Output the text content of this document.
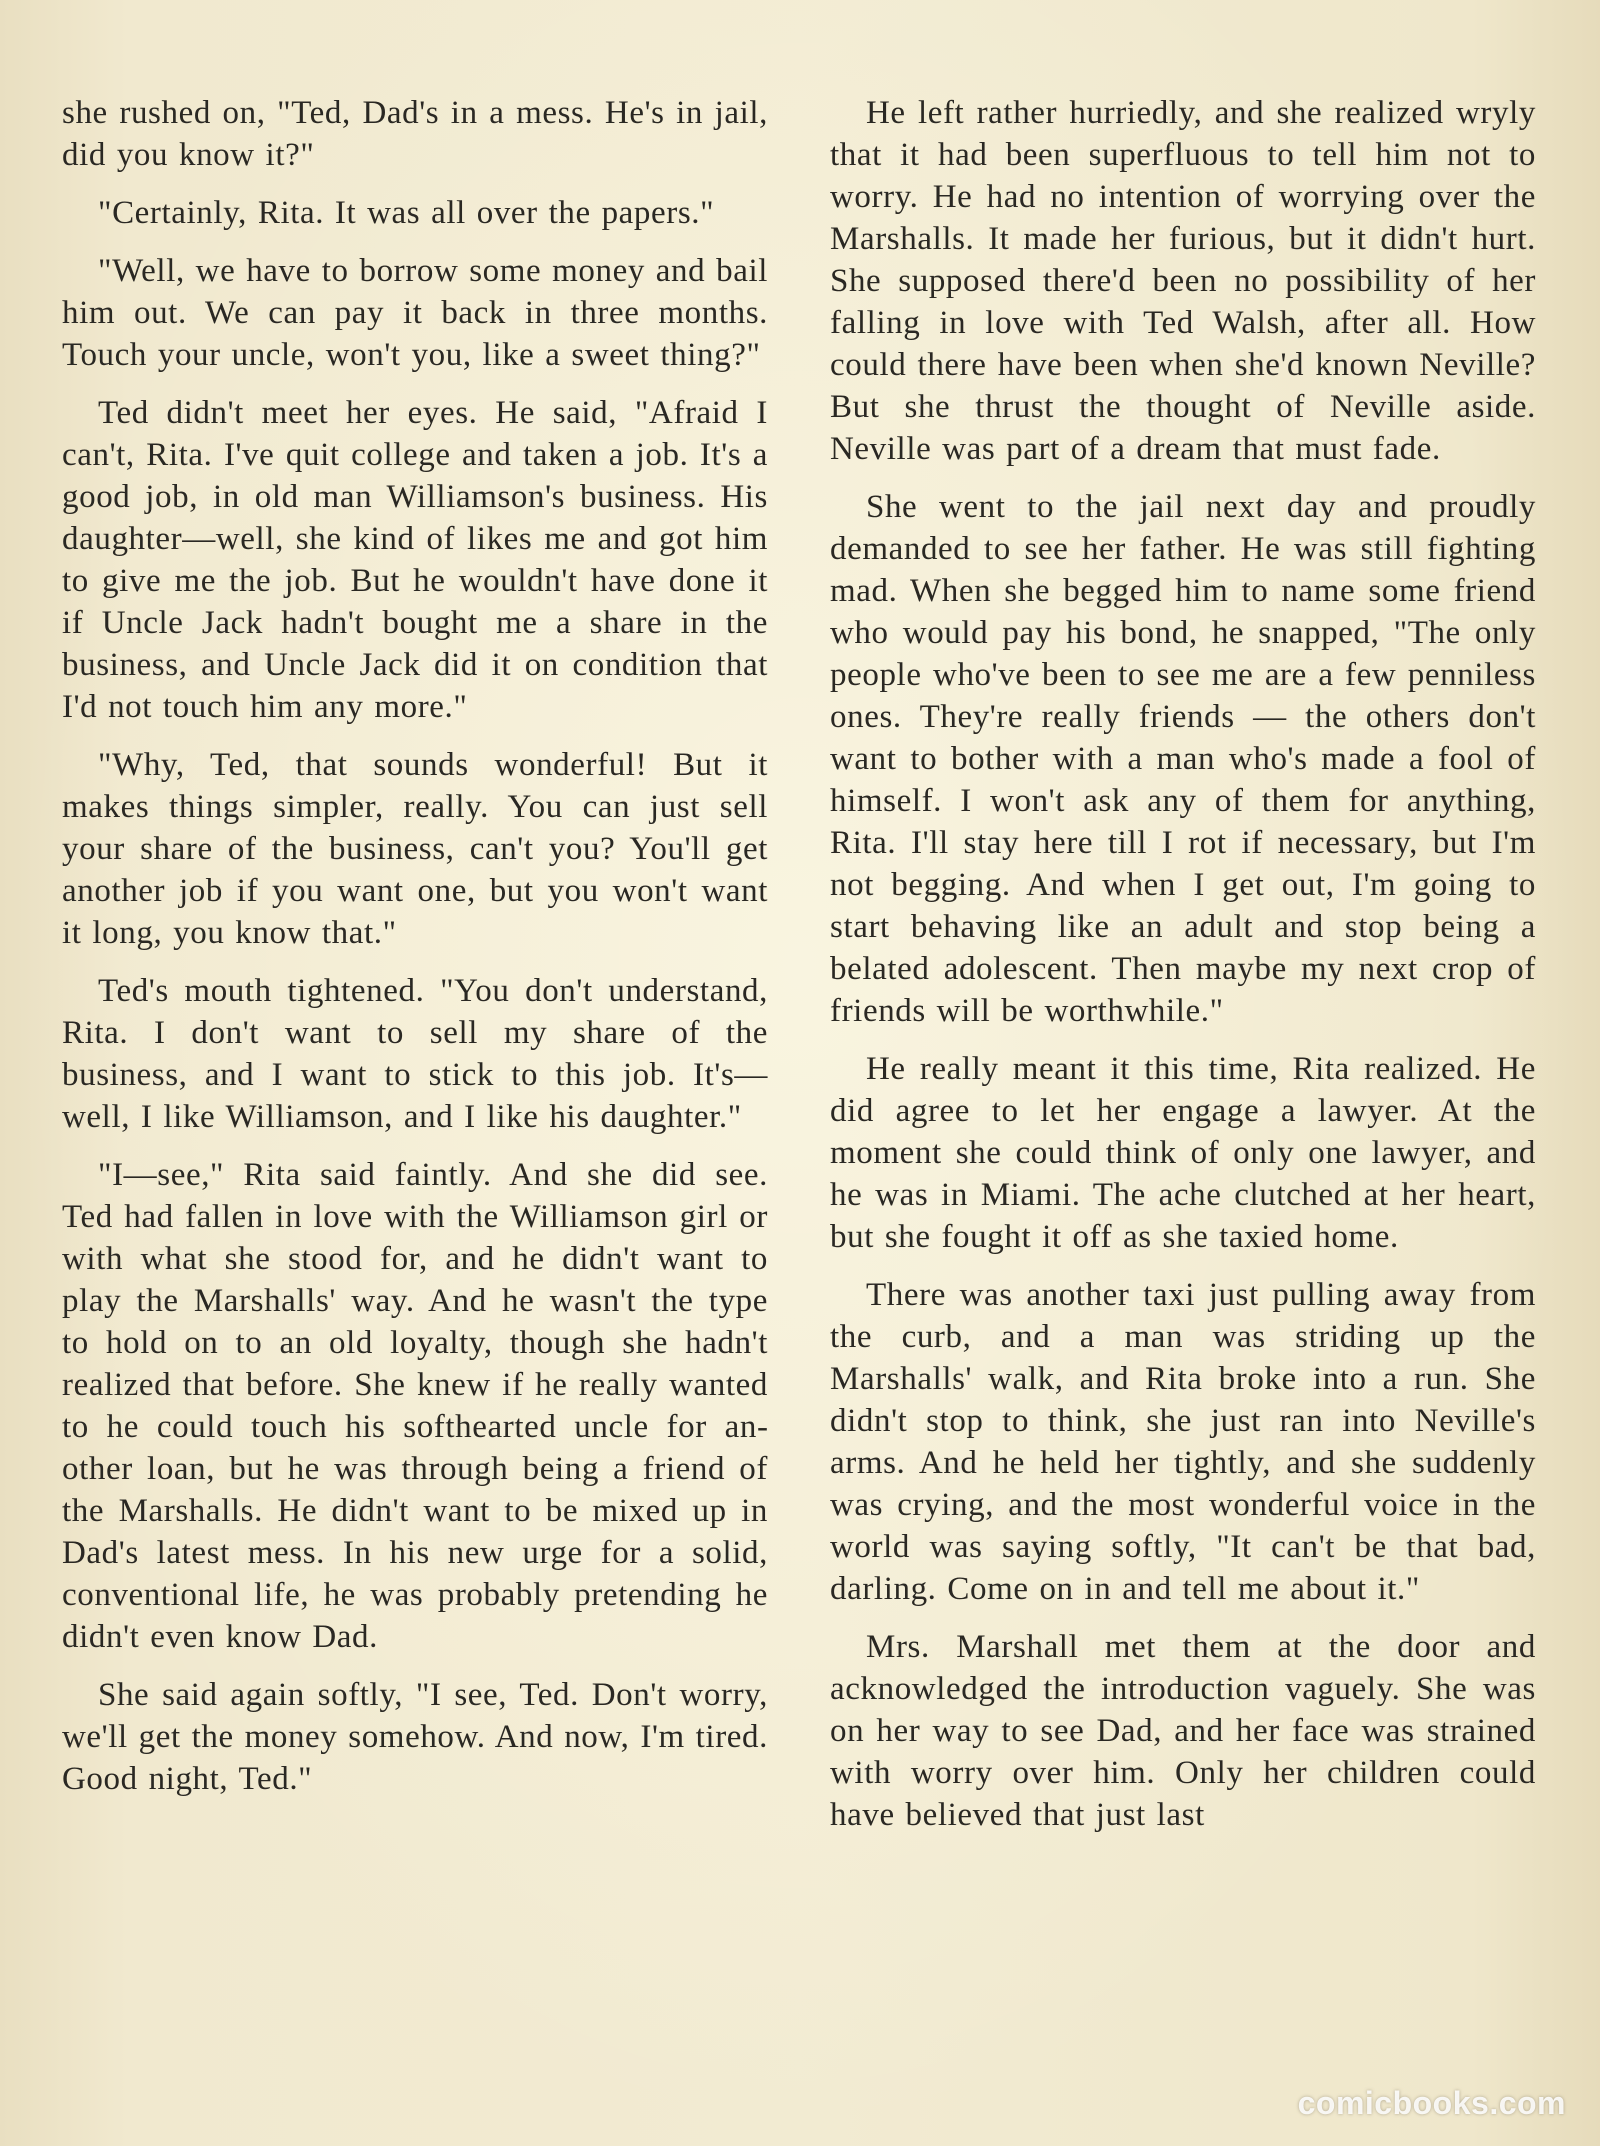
she rushed on, "Ted, Dad's in a mess. He's in jail, did you know it?"

"Certainly, Rita. It was all over the papers."

"Well, we have to borrow some money and bail him out. We can pay it back in three months. Touch your uncle, won't you, like a sweet thing?"

Ted didn't meet her eyes. He said, "Afraid I can't, Rita. I've quit college and taken a job. It's a good job, in old man Williamson's business. His daughter—well, she kind of likes me and got him to give me the job. But he wouldn't have done it if Uncle Jack hadn't bought me a share in the business, and Uncle Jack did it on condition that I'd not touch him any more."

"Why, Ted, that sounds wonderful! But it makes things simpler, really. You can just sell your share of the business, can't you? You'll get another job if you want one, but you won't want it long, you know that."

Ted's mouth tightened. "You don't understand, Rita. I don't want to sell my share of the business, and I want to stick to this job. It's—well, I like Williamson, and I like his daughter."

"I—see," Rita said faintly. And she did see. Ted had fallen in love with the Williamson girl or with what she stood for, and he didn't want to play the Marshalls' way. And he wasn't the type to hold on to an old loyalty, though she hadn't realized that before. She knew if he really wanted to he could touch his softhearted uncle for another loan, but he was through being a friend of the Marshalls. He didn't want to be mixed up in Dad's latest mess. In his new urge for a solid, conventional life, he was probably pretending he didn't even know Dad.

She said again softly, "I see, Ted. Don't worry, we'll get the money somehow. And now, I'm tired. Good night, Ted."

He left rather hurriedly, and she realized wryly that it had been superfluous to tell him not to worry. He had no intention of worrying over the Marshalls. It made her furious, but it didn't hurt. She supposed there'd been no possibility of her falling in love with Ted Walsh, after all. How could there have been when she'd known Neville? But she thrust the thought of Neville aside. Neville was part of a dream that must fade.

She went to the jail next day and proudly demanded to see her father. He was still fighting mad. When she begged him to name some friend who would pay his bond, he snapped, "The only people who've been to see me are a few penniless ones. They're really friends — the others don't want to bother with a man who's made a fool of himself. I won't ask any of them for anything, Rita. I'll stay here till I rot if necessary, but I'm not begging. And when I get out, I'm going to start behaving like an adult and stop being a belated adolescent. Then maybe my next crop of friends will be worthwhile."

He really meant it this time, Rita realized. He did agree to let her engage a lawyer. At the moment she could think of only one lawyer, and he was in Miami. The ache clutched at her heart, but she fought it off as she taxied home.

There was another taxi just pulling away from the curb, and a man was striding up the Marshalls' walk, and Rita broke into a run. She didn't stop to think, she just ran into Neville's arms. And he held her tightly, and she suddenly was crying, and the most wonderful voice in the world was saying softly, "It can't be that bad, darling. Come on in and tell me about it."

Mrs. Marshall met them at the door and acknowledged the introduction vaguely. She was on her way to see Dad, and her face was strained with worry over him. Only her children could have believed that just last

comicbooks.com
